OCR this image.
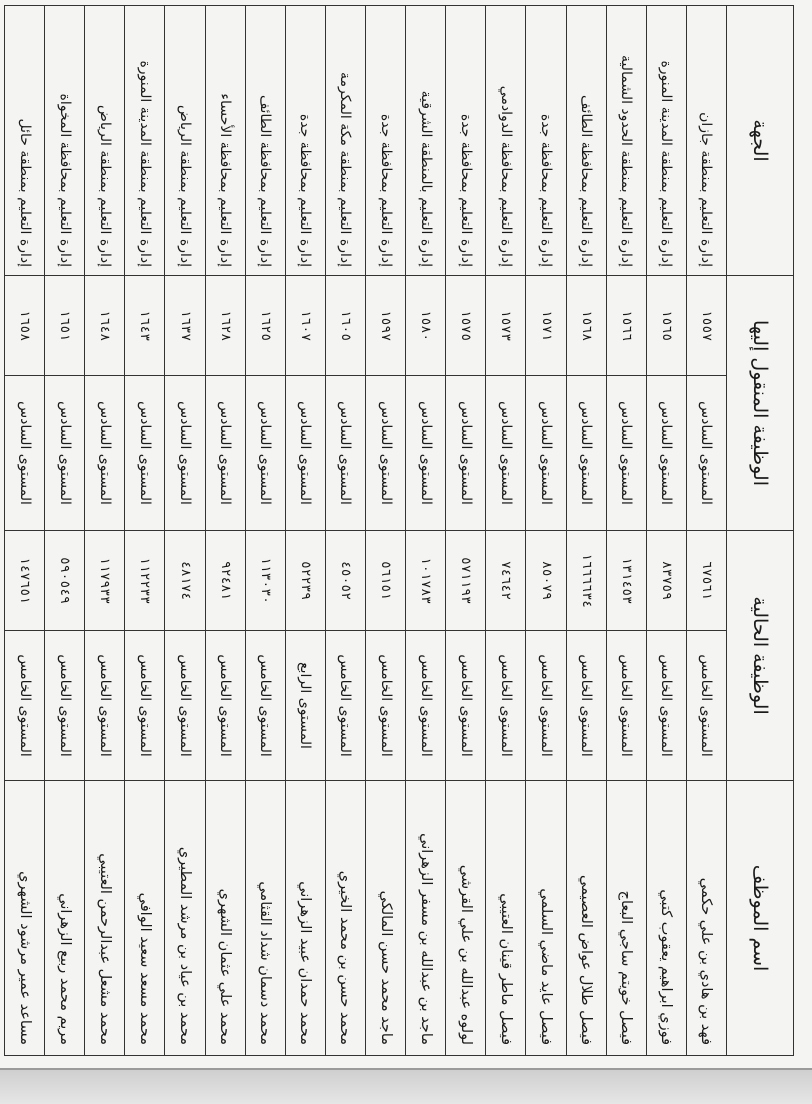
اسم الموظف	الوظيفة الحالية		الوظيفة المنقول إليها		الجهة
فهد بن هادي بن علي حكمي	المستوى الخامس	٦٧٥٦١	المستوى السادس	١٥٥٧	إدارة التعليم بمنطقة جازان
فوزي ابراهيم يعقوب كتبي	المستوى الخامس	٨٣٧٥٩	المستوى السادس	١٥٦٥	إدارة التعليم بمنطقة المدينة المنورة
فيصل خويتم ساجي البعاج	المستوى الخامس	١٣١٤٥٣	المستوى السادس	١٥٦٦	إدارة التعليم بمنطقة الحدود الشمالية
فيصل طلال عواض العصيمي	المستوى الخامس	١٦٦٦٦٣٤	المستوى السادس	١٥٦٨	إدارة التعليم بمحافظة الطائف
فيصل عايد ماضي السلمي	المستوى الخامس	٨٥٠٧٩	المستوى السادس	١٥٧١	إدارة التعليم بمحافظة جدة
فيصل ماطر قينان العتيبي	المستوى الخامس	٧٤٦٤٢	المستوى السادس	١٥٧٣	إدارة التعليم بمحافظة الدوادمي
لولوه عبدالله بن علي القرشي	المستوى الخامس	٥٧١١٩٣	المستوى السادس	١٥٧٥	إدارة التعليم بمحافظة جدة
ماجد بن عبدالله بن مسفر الزهراني	المستوى الخامس	١٠١٧٨٣	المستوى السادس	١٥٨٠	إدارة التعليم بالمنطقة الشرقية
ماجد محمد حسن المالكي	المستوى الخامس	٥٦١٥١	المستوى السادس	١٥٩٧	إدارة التعليم بمحافظة جدة
محمد حسن بن محمد الخيري	المستوى الخامس	٤٥٠٥٢	المستوى السادس	١٦٠٥	إدارة التعليم بمنطقة مكة المكرمة
محمد حمدان عبيد الزهراني	المستوى الرابع	٥٢٢٣٩	المستوى السادس	١٦٠٧	إدارة التعليم بمحافظة جدة
محمد دسمان شداد القثامي	المستوى الخامس	١١٣٠٣٠	المستوى السادس	١٦٢٥	إدارة التعليم بمحافظة الطائف
محمد علي عثمان الشهري	المستوى الخامس	٩٢٤٨١	المستوى السادس	١٦٢٨	إدارة التعليم بمحافظة الأحساء
محمد بن عياد بن مرشد المطيري	المستوى الخامس	٤٨١٧٤	المستوى السادس	١٦٣٧	إدارة التعليم بمنطقة الرياض
محمد مسعد سعيد الوافي	المستوى الخامس	١١٢٢٣٣	المستوى السادس	١٦٤٣	إدارة التعليم بمنطقة المدينة المنورة
محمد مشعل عبدالرحمن العتيبي	المستوى الخامس	١١٧٩٣٣	المستوى السادس	١٦٤٨	إدارة التعليم بمنطقة الرياض
مريم محمد ربيع الزهراني	المستوى الخامس	٥٩٠٥٤٩	المستوى السادس	١٦٥١	إدارة التعليم بمحافظة المخواة
مساعد عمير مرشود الشهري	المستوى الخامس	١٤٧٦٥١	المستوى السادس	١٦٥٨	إدارة التعليم بمنطقة حائل
